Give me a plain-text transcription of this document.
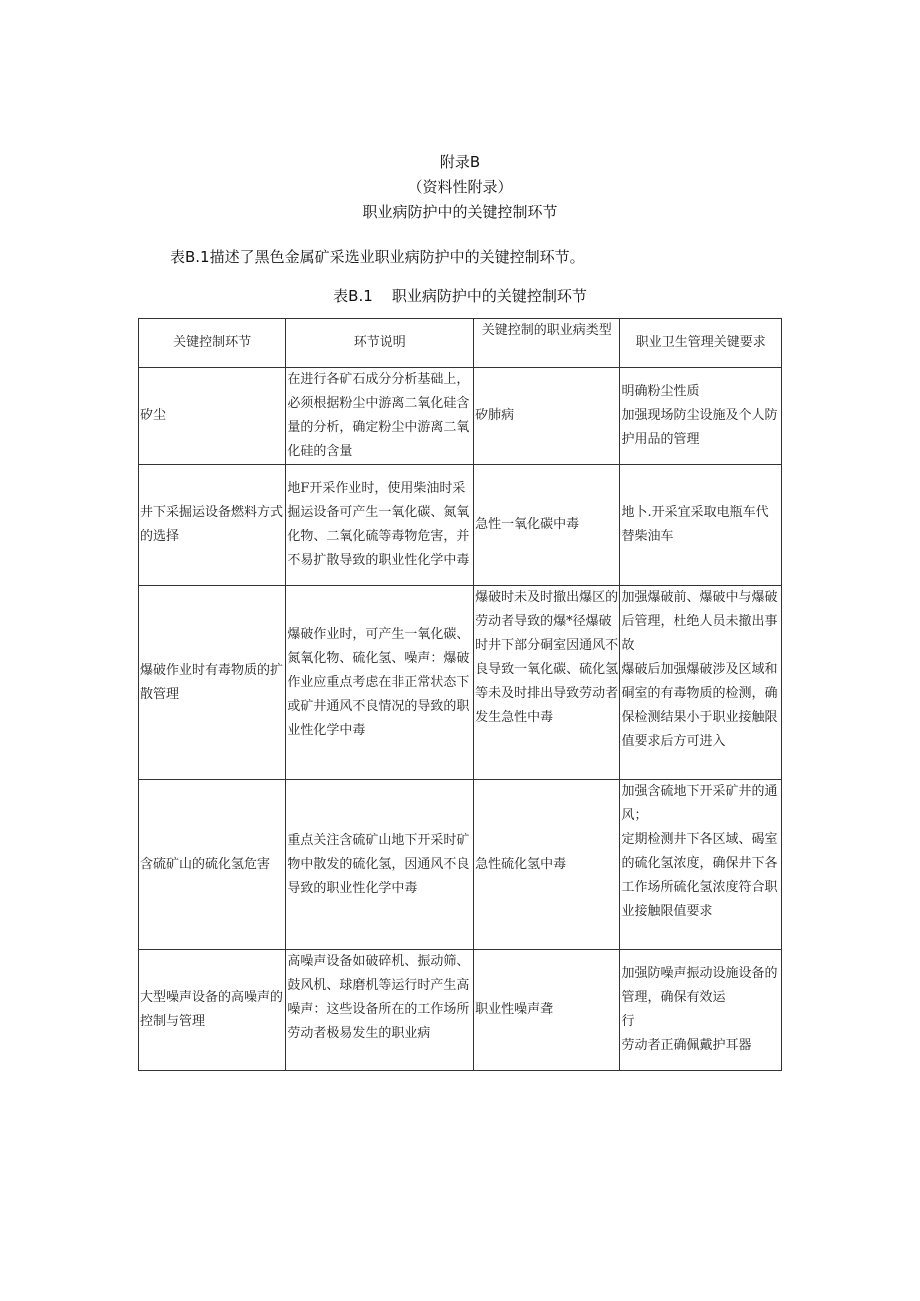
附录B
（资料性附录）
职业病防护中的关键控制环节
表B.1描述了黑色金属矿采选业职业病防护中的关键控制环节。
表B.1    职业病防护中的关键控制环节
关键控制环节	环节说明	关键控制的职业病类型	职业卫生管理关键要求
矽尘	在进行各矿石成分分析基础上，必须根据粉尘中游离二氧化硅含量的分析，确定粉尘中游离二氧化硅的含量	矽肺病	明确粉尘性质
加强现场防尘设施及个人防护用品的管理

井下采掘运设备燃料方式的选择	地F开采作业时，使用柴油时采掘运设备可产生一氧化碳、氮氧化物、二氧化硫等毒物危害，并不易扩散导致的职业性化学中毒	急性一氧化碳中毒	地卜.开采宜采取电瓶车代替柴油车

爆破作业时有毒物质的扩散管理	爆破作业时，可产生一氧化碳、氮氧化物、硫化氢、噪声：爆破作业应重点考虑在非正常状态下或矿井通风不良情况的导致的职业性化学中毒	爆破时未及时撤出爆区的劳动者导致的爆*径爆破时井下部分硐室因通风不良导致一氧化碳、硫化氢等未及时排出导致劳动者发生急性中毒	加强爆破前、爆破中与爆破后管理，杜绝人员未撤出事故
爆破后加强爆破涉及区域和硐室的有毒物质的检测，确保检测结果小于职业接触限值要求后方可进入

含硫矿山的硫化氢危害	重点关注含硫矿山地下开采时矿物中散发的硫化氢，因通风不良导致的职业性化学中毒	急性硫化氢中毒	加强含硫地下开采矿井的通风；
定期检测井下各区域、碣室的硫化氢浓度，确保井下各工作场所硫化氢浓度符合职业接触限值要求

大型噪声设备的高噪声的控制与管理	高噪声设备如破碎机、振动筛、鼓风机、球磨机等运行时产生高噪声：这些设备所在的工作场所劳动者极易发生的职业病	职业性噪声聋	加强防噪声振动设施设备的管理，确保有效运
行
劳动者正确佩戴护耳器
